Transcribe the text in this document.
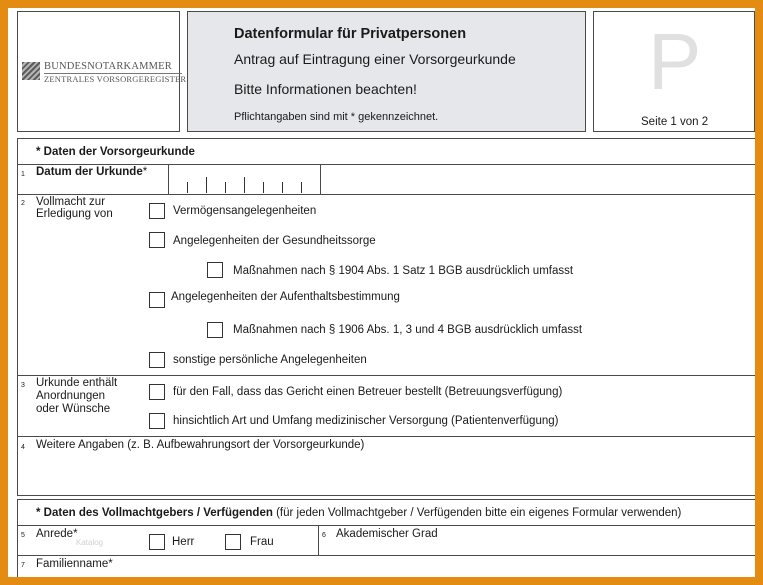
BUNDESNOTARKAMMER
ZENTRALES VORSORGEREGISTER
Datenformular für Privatpersonen
Antrag auf Eintragung einer Vorsorgeurkunde
Bitte Informationen beachten!
Pflichtangaben sind mit * gekennzeichnet.
P
Seite 1 von 2
* Daten der Vorsorgeurkunde
1 Datum der Urkunde*
2 Vollmacht zur
Erledigung von	Vermögensangelegenheiten
Angelegenheiten der Gesundheitssorge
Maßnahmen nach § 1904 Abs. 1 Satz 1 BGB ausdrücklich umfasst
Angelegenheiten der Aufenthaltsbestimmung
Maßnahmen nach § 1906 Abs. 1, 3 und 4 BGB ausdrücklich umfasst
sonstige persönliche Angelegenheiten
3 Urkunde enthält
Anordnungen
oder Wünsche
für den Fall, dass das Gericht einen Betreuer bestellt (Betreuungsverfügung)
hinsichtlich Art und Umfang medizinischer Versorgung (Patientenverfügung)
4 Weitere Angaben (z. B. Aufbewahrungsort der Vorsorgeurkunde)
* Daten des Vollmachtgebers / Verfügenden (für jeden Vollmachtgeber / Verfügenden bitte ein eigenes Formular verwenden)
5 Anrede*
Katalog	Herr	Frau
6 Akademischer Grad
7 Familienname*
